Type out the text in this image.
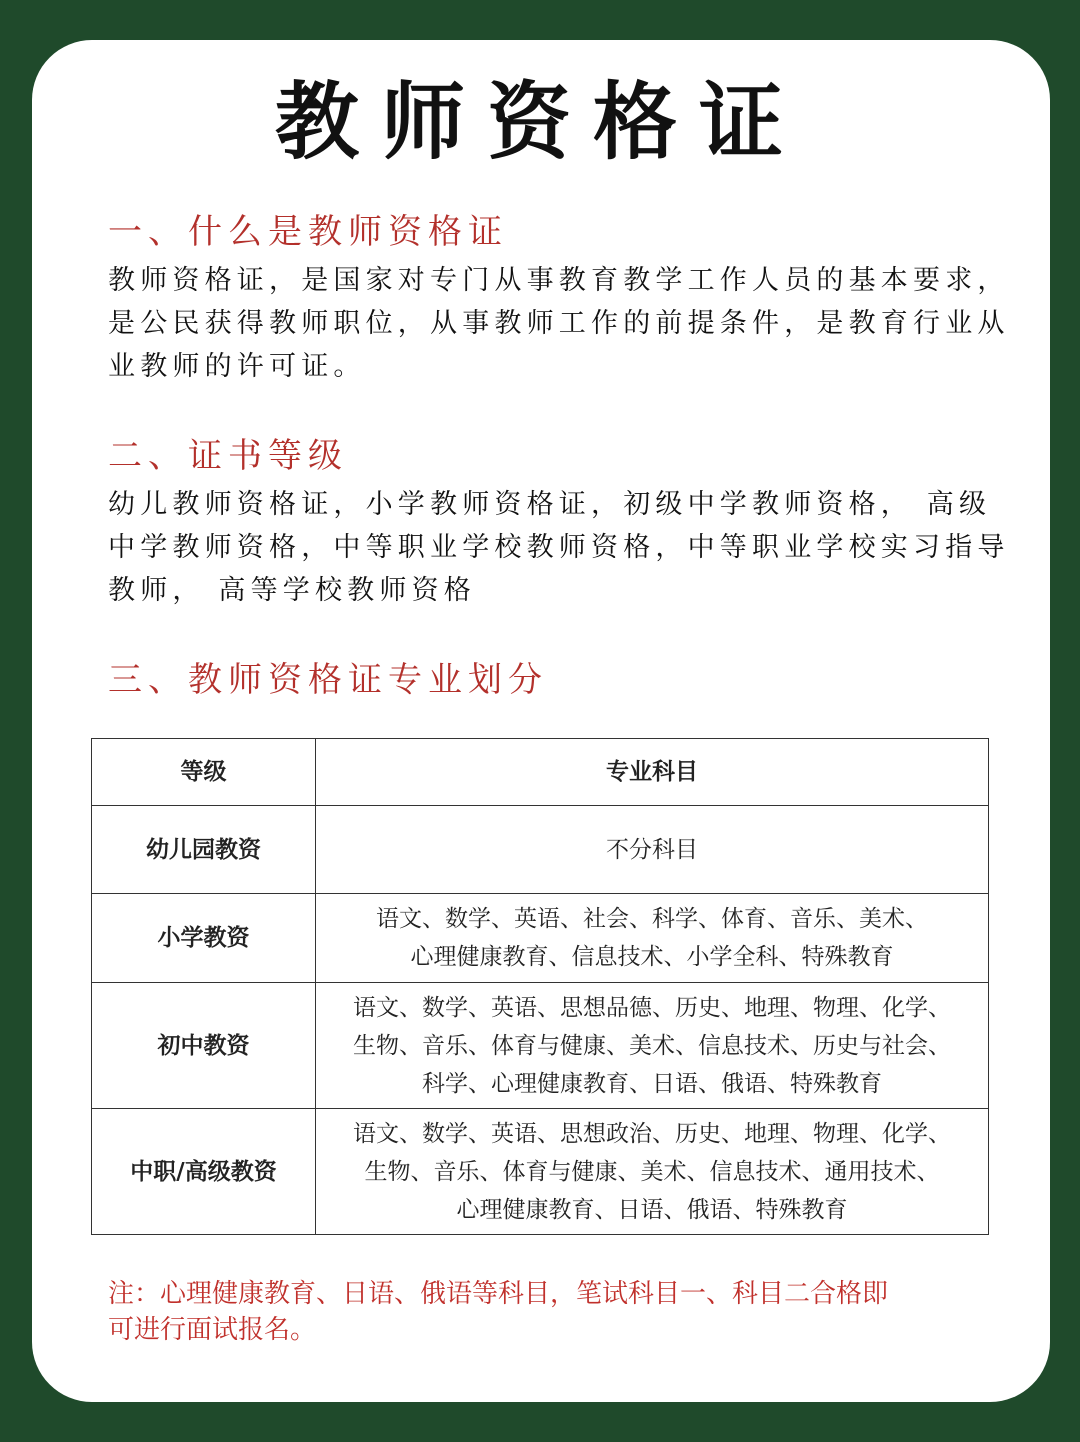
教师资格证
一、什么是教师资格证
教师资格证，是国家对专门从事教育教学工作人员的基本要求，
是公民获得教师职位，从事教师工作的前提条件，是教育行业从
业教师的许可证。
二、证书等级
幼儿教师资格证，小学教师资格证，初级中学教师资格， 高级
中学教师资格，中等职业学校教师资格，中等职业学校实习指导
教师， 高等学校教师资格
三、教师资格证专业划分
等级	专业科目
幼儿园教资	不分科目

小学教资	语文、数学、英语、社会、科学、体育、音乐、美术、
心理健康教育、信息技术、小学全科、特殊教育

初中教资	语文、数学、英语、思想品德、历史、地理、物理、化学、
生物、音乐、体育与健康、美术、信息技术、历史与社会、
科学、心理健康教育、日语、俄语、特殊教育

中职/高级教资	语文、数学、英语、思想政治、历史、地理、物理、化学、
生物、音乐、体育与健康、美术、信息技术、通用技术、
心理健康教育、日语、俄语、特殊教育
注：心理健康教育、日语、俄语等科目，笔试科目一、科目二合格即
可进行面试报名。
